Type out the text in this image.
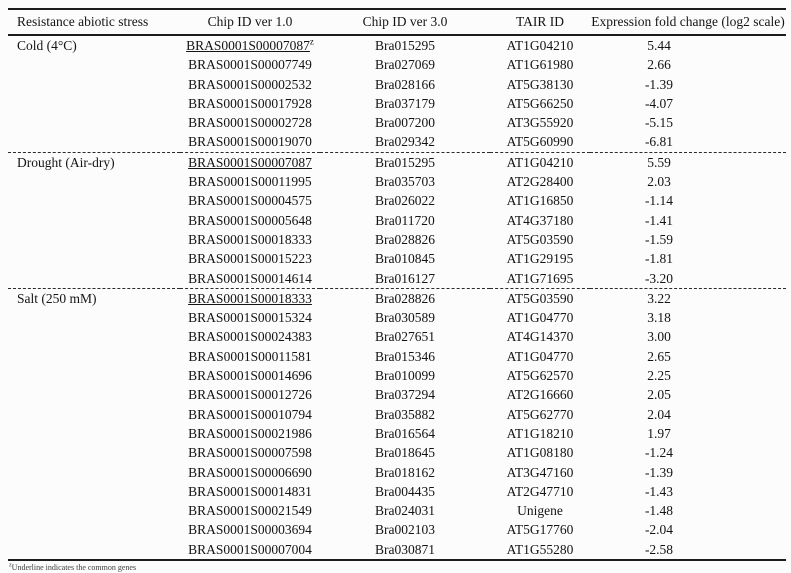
Resistance abiotic stress	Chip ID ver 1.0	Chip ID ver 3.0	TAIR ID	Expression fold change (log2 scale)
Cold (4°C)	BRAS0001S00007087$^z$	Bra015295	AT1G04210	5.44
	BRAS0001S00007749	Bra027069	AT1G61980	2.66
	BRAS0001S00002532	Bra028166	AT5G38130	-1.39
	BRAS0001S00017928	Bra037179	AT5G66250	-4.07
	BRAS0001S00002728	Bra007200	AT3G55920	-5.15
	BRAS0001S00019070	Bra029342	AT5G60990	-6.81
Drought (Air-dry)	BRAS0001S00007087	Bra015295	AT1G04210	5.59
	BRAS0001S00011995	Bra035703	AT2G28400	2.03
	BRAS0001S00004575	Bra026022	AT1G16850	-1.14
	BRAS0001S00005648	Bra011720	AT4G37180	-1.41
	BRAS0001S00018333	Bra028826	AT5G03590	-1.59
	BRAS0001S00015223	Bra010845	AT1G29195	-1.81
	BRAS0001S00014614	Bra016127	AT1G71695	-3.20
Salt (250 mM)	BRAS0001S00018333	Bra028826	AT5G03590	3.22
	BRAS0001S00015324	Bra030589	AT1G04770	3.18
	BRAS0001S00024383	Bra027651	AT4G14370	3.00
	BRAS0001S00011581	Bra015346	AT1G04770	2.65
	BRAS0001S00014696	Bra010099	AT5G62570	2.25
	BRAS0001S00012726	Bra037294	AT2G16660	2.05
	BRAS0001S00010794	Bra035882	AT5G62770	2.04
	BRAS0001S00021986	Bra016564	AT1G18210	1.97
	BRAS0001S00007598	Bra018645	AT1G08180	-1.24
	BRAS0001S00006690	Bra018162	AT3G47160	-1.39
	BRAS0001S00014831	Bra004435	AT2G47710	-1.43
	BRAS0001S00021549	Bra024031	Unigene	-1.48
	BRAS0001S00003694	Bra002103	AT5G17760	-2.04
	BRAS0001S00007004	Bra030871	AT1G55280	-2.58
$^z$Underline indicates the common genes
